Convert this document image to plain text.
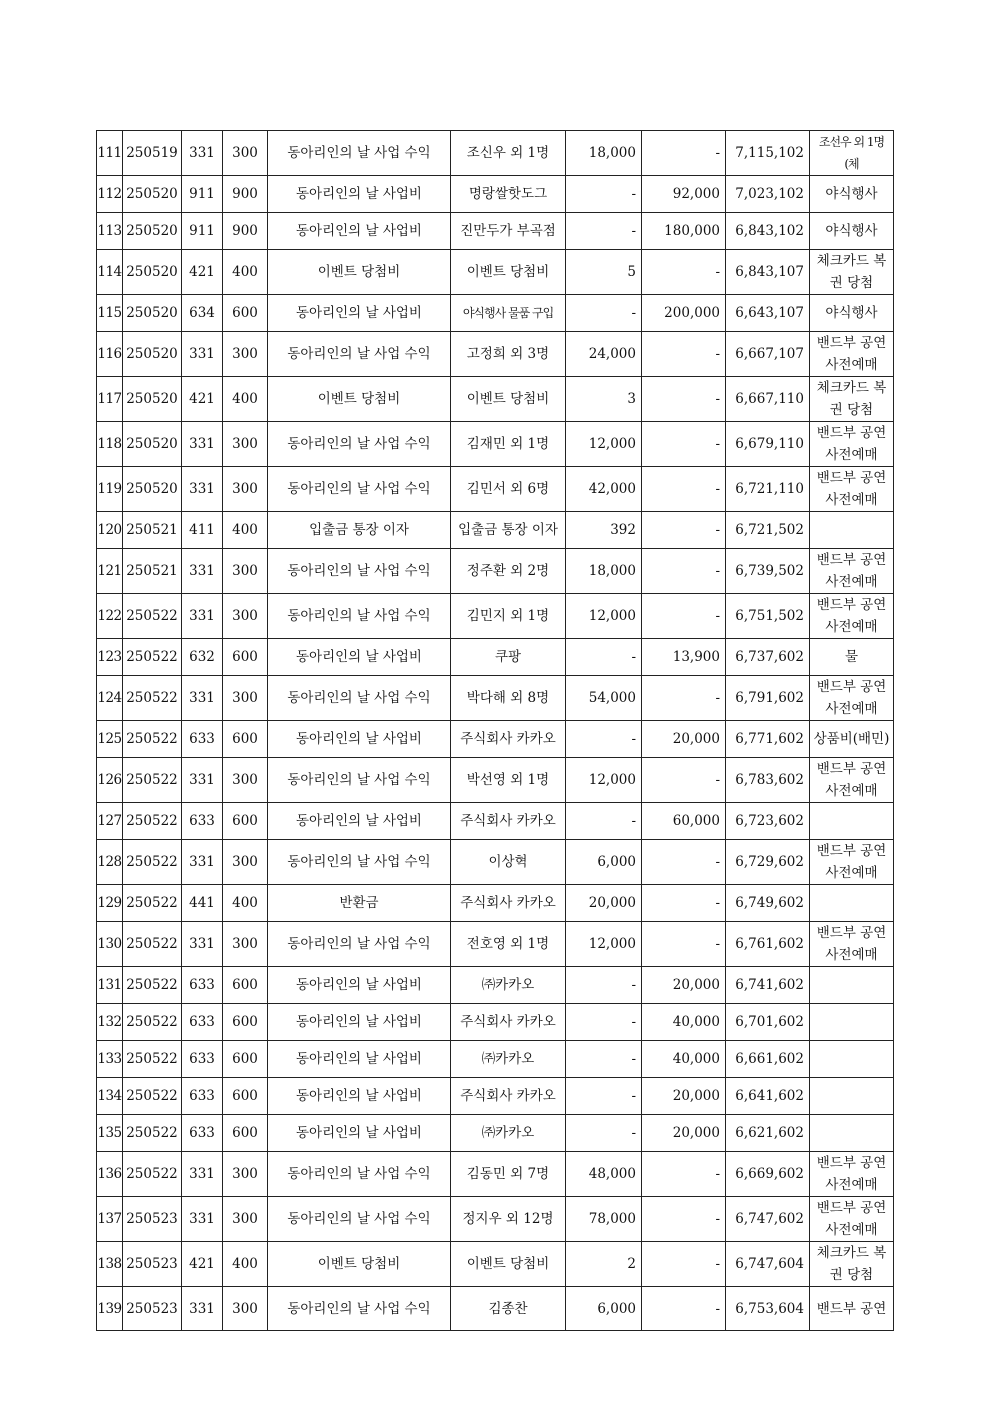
111	250519	331	300	동아리인의 날 사업 수익	조신우 외 1명	18,000	-	7,115,102	조선우 외 1명(체
112	250520	911	900	동아리인의 날 사업비	명랑쌀핫도그	-	92,000	7,023,102	야식행사
113	250520	911	900	동아리인의 날 사업비	진만두가 부곡점	-	180,000	6,843,102	야식행사
114	250520	421	400	이벤트 당첨비	이벤트 당첨비	5	-	6,843,107	체크카드 복권 당첨
115	250520	634	600	동아리인의 날 사업비	야식행사 물품 구입	-	200,000	6,643,107	야식행사
116	250520	331	300	동아리인의 날 사업 수익	고정희 외 3명	24,000	-	6,667,107	밴드부 공연 사전예매
117	250520	421	400	이벤트 당첨비	이벤트 당첨비	3	-	6,667,110	체크카드 복권 당첨
118	250520	331	300	동아리인의 날 사업 수익	김재민 외 1명	12,000	-	6,679,110	밴드부 공연 사전예매
119	250520	331	300	동아리인의 날 사업 수익	김민서 외 6명	42,000	-	6,721,110	밴드부 공연 사전예매
120	250521	411	400	입출금 통장 이자	입출금 통장 이자	392	-	6,721,502	
121	250521	331	300	동아리인의 날 사업 수익	정주환 외 2명	18,000	-	6,739,502	밴드부 공연 사전예매
122	250522	331	300	동아리인의 날 사업 수익	김민지 외 1명	12,000	-	6,751,502	밴드부 공연 사전예매
123	250522	632	600	동아리인의 날 사업비	쿠팡	-	13,900	6,737,602	물
124	250522	331	300	동아리인의 날 사업 수익	박다해 외 8명	54,000	-	6,791,602	밴드부 공연 사전예매
125	250522	633	600	동아리인의 날 사업비	주식회사 카카오	-	20,000	6,771,602	상품비(배민)
126	250522	331	300	동아리인의 날 사업 수익	박선영 외 1명	12,000	-	6,783,602	밴드부 공연 사전예매
127	250522	633	600	동아리인의 날 사업비	주식회사 카카오	-	60,000	6,723,602	
128	250522	331	300	동아리인의 날 사업 수익	이상혁	6,000	-	6,729,602	밴드부 공연 사전예매
129	250522	441	400	반환금	주식회사 카카오	20,000	-	6,749,602	
130	250522	331	300	동아리인의 날 사업 수익	전호영 외 1명	12,000	-	6,761,602	밴드부 공연 사전예매
131	250522	633	600	동아리인의 날 사업비	㈜카카오	-	20,000	6,741,602	
132	250522	633	600	동아리인의 날 사업비	주식회사 카카오	-	40,000	6,701,602	
133	250522	633	600	동아리인의 날 사업비	㈜카카오	-	40,000	6,661,602	
134	250522	633	600	동아리인의 날 사업비	주식회사 카카오	-	20,000	6,641,602	
135	250522	633	600	동아리인의 날 사업비	㈜카카오	-	20,000	6,621,602	
136	250522	331	300	동아리인의 날 사업 수익	김동민 외 7명	48,000	-	6,669,602	밴드부 공연 사전예매
137	250523	331	300	동아리인의 날 사업 수익	정지우 외 12명	78,000	-	6,747,602	밴드부 공연 사전예매
138	250523	421	400	이벤트 당첨비	이벤트 당첨비	2	-	6,747,604	체크카드 복권 당첨
139	250523	331	300	동아리인의 날 사업 수익	김종찬	6,000	-	6,753,604	밴드부 공연
